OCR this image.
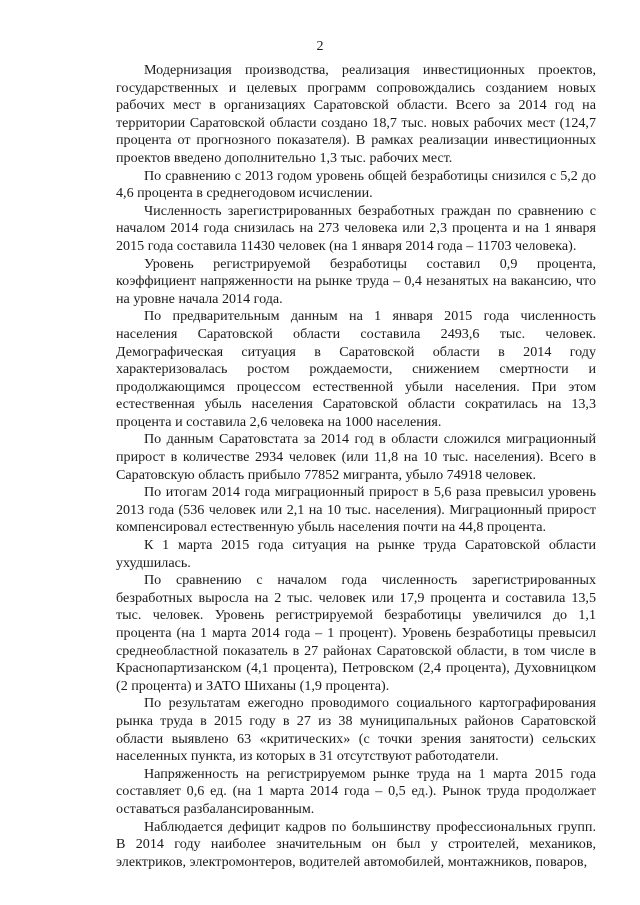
2

Модернизация производства, реализация инвестиционных проектов, государственных и целевых программ сопровождались созданием новых рабочих мест в организациях Саратовской области. Всего за 2014 год на территории Саратовской области создано 18,7 тыс. новых рабочих мест (124,7 процента от прогнозного показателя). В рамках реализации инвестиционных проектов введено дополнительно 1,3 тыс. рабочих мест.

По сравнению с 2013 годом уровень общей безработицы снизился с 5,2 до 4,6 процента в среднегодовом исчислении.

Численность зарегистрированных безработных граждан по сравнению с началом 2014 года снизилась на 273 человека или 2,3 процента и на 1 января 2015 года составила 11430 человек (на 1 января 2014 года – 11703 человека).

Уровень регистрируемой безработицы составил 0,9 процента, коэффициент напряженности на рынке труда – 0,4 незанятых на вакансию, что на уровне начала 2014 года.

По предварительным данным на 1 января 2015 года численность населения Саратовской области составила 2493,6 тыс. человек. Демографическая ситуация в Саратовской области в 2014 году характеризовалась ростом рождаемости, снижением смертности и продолжающимся процессом естественной убыли населения. При этом естественная убыль населения Саратовской области сократилась на 13,3 процента и составила 2,6 человека на 1000 населения.

По данным Саратовстата за 2014 год в области сложился миграционный прирост в количестве 2934 человек (или 11,8 на 10 тыс. населения). Всего в Саратовскую область прибыло 77852 мигранта, убыло 74918 человек.

По итогам 2014 года миграционный прирост в 5,6 раза превысил уровень 2013 года (536 человек или 2,1 на 10 тыс. населения). Миграционный прирост компенсировал естественную убыль населения почти на 44,8 процента.

К 1 марта 2015 года ситуация на рынке труда Саратовской области ухудшилась.

По сравнению с началом года численность зарегистрированных безработных выросла на 2 тыс. человек или 17,9 процента и составила 13,5 тыс. человек. Уровень регистрируемой безработицы увеличился до 1,1 процента (на 1 марта 2014 года – 1 процент). Уровень безработицы превысил среднеобластной показатель в 27 районах Саратовской области, в том числе в Краснопартизанском (4,1 процента), Петровском (2,4 процента), Духовницком (2 процента) и ЗАТО Шиханы (1,9 процента).

По результатам ежегодно проводимого социального картографирования рынка труда в 2015 году в 27 из 38 муниципальных районов Саратовской области выявлено 63 «критических» (с точки зрения занятости) сельских населенных пункта, из которых в 31 отсутствуют работодатели.

Напряженность на регистрируемом рынке труда на 1 марта 2015 года составляет 0,6 ед. (на 1 марта 2014 года – 0,5 ед.). Рынок труда продолжает оставаться разбалансированным.

Наблюдается дефицит кадров по большинству профессиональных групп. В 2014 году наиболее значительным он был у строителей, механиков, электриков, электромонтеров, водителей автомобилей, монтажников, поваров,
